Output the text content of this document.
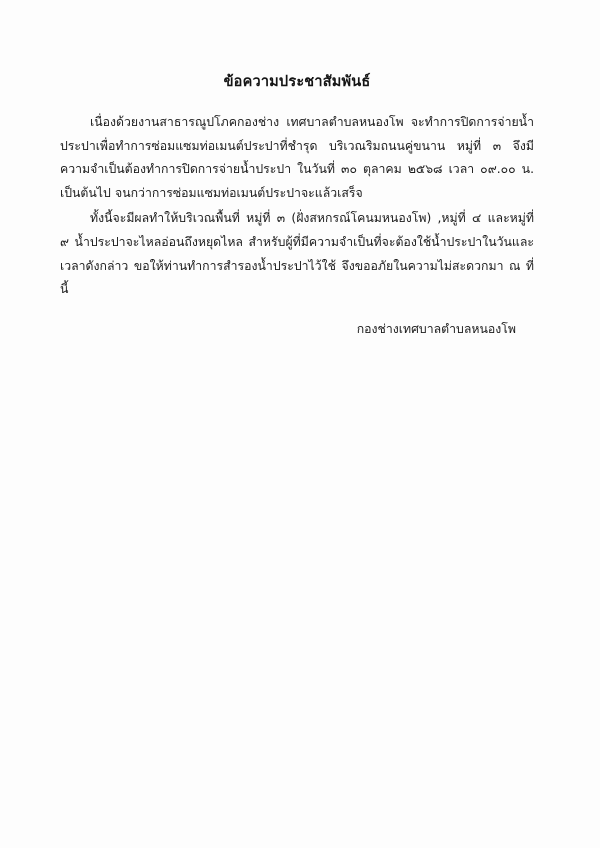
ข้อความประชาสัมพันธ์

เนื่องด้วยงานสาธารณูปโภคกองช่าง เทศบาลตำบลหนองโพ จะทำการปิดการจ่ายน้ำประปาเพื่อทำการซ่อมแซมท่อเมนต์ประปาที่ชำรุด บริเวณริมถนนคู่ขนาน หมู่ที่ ๓ จึงมีความจำเป็นต้องทำการปิดการจ่ายน้ำประปา ในวันที่ ๓๐ ตุลาคม ๒๕๖๘ เวลา ๐๙.๐๐ น. เป็นต้นไป จนกว่าการซ่อมแซมท่อเมนต์ประปาจะแล้วเสร็จ

ทั้งนี้จะมีผลทำให้บริเวณพื้นที่ หมู่ที่ ๓ (ฝั่งสหกรณ์โคนมหนองโพ) ,หมู่ที่ ๔ และหมู่ที่ ๙ น้ำประปาจะไหลอ่อนถึงหยุดไหล สำหรับผู้ที่มีความจำเป็นที่จะต้องใช้น้ำประปาในวันและเวลาดังกล่าว ขอให้ท่านทำการสำรองน้ำประปาไว้ใช้ จึงขออภัยในความไม่สะดวกมา ณ ที่นี้

กองช่างเทศบาลตำบลหนองโพ
